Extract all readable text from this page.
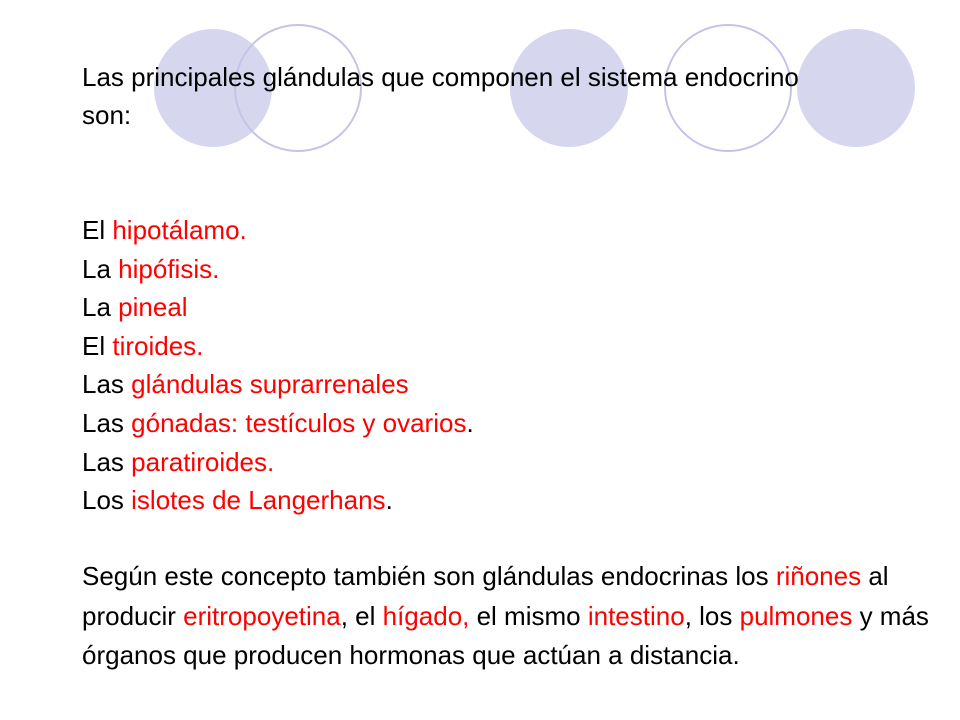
Las principales glándulas que componen el sistema endocrino son:
El hipotálamo.
La hipófisis.
La pineal
El tiroides.
Las glándulas suprarrenales
Las gónadas: testículos y ovarios.
Las paratiroides.
Los islotes de Langerhans.
Según este concepto también son glándulas endocrinas los riñones al producir eritropoyetina, el hígado, el mismo intestino, los pulmones y más órganos que producen hormonas que actúan a distancia.
